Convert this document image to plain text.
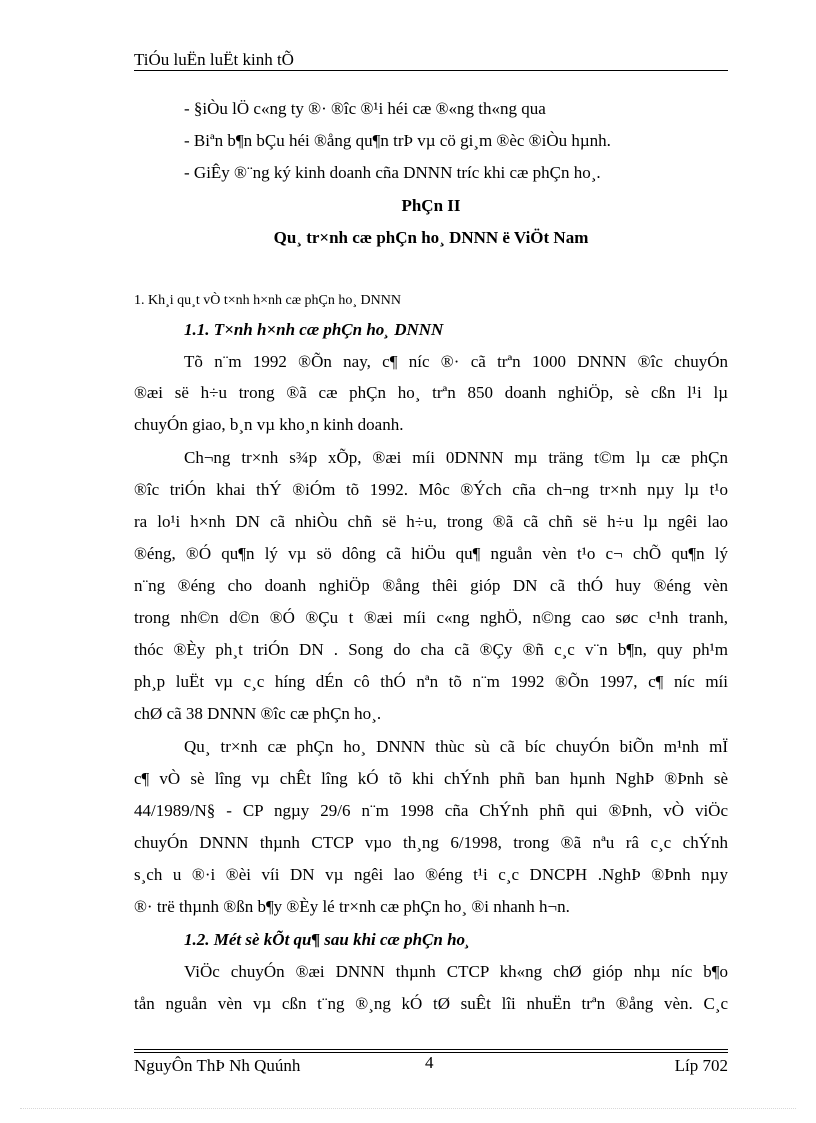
TiÓu luËn luËt kinh tÕ
- §iÒu lÖ c«ng ty ®· ®îc ®¹i héi cæ ®«ng th«ng qua
- Biªn b¶n bÇu héi ®ång qu¶n trÞ vµ cö gi¸m ®èc ®iÒu hµnh.
- GiÊy ®¨ng ký kinh doanh cña DNNN tríc khi cæ phÇn ho¸.
PhÇn II
Qu¸ tr×nh cæ phÇn ho¸ DNNN ë ViÖt Nam
1. Kh¸i qu¸t vÒ t×nh h×nh cæ phÇn ho¸ DNNN
1.1. T×nh h×nh cæ phÇn ho¸ DNNN
Tõ n¨m 1992 ®Õn nay, c¶ níc ®· cã trªn 1000 DNNN ®îc chuyÓn
®æi së h÷u trong ®ã cæ phÇn ho¸ trªn 850 doanh nghiÖp, sè cßn l¹i lµ
chuyÓn giao, b¸n vµ kho¸n kinh doanh.
Ch¬ng tr×nh s¾p xÕp, ®æi míi 0DNNN mµ träng t©m lµ cæ phÇn
®îc triÓn khai thÝ ®iÓm tõ 1992. Môc ®Ých cña ch¬ng tr×nh nµy lµ t¹o
ra lo¹i h×nh DN cã nhiÒu chñ së h÷u, trong ®ã cã chñ së h÷u lµ ngêi lao
®éng, ®Ó qu¶n lý vµ sö dông cã hiÖu qu¶ nguån vèn t¹o c¬ chÕ qu¶n lý
n¨ng ®éng cho doanh nghiÖp ®ång thêi gióp DN cã thÓ huy ®éng vèn
trong nh©n d©n ®Ó ®Çu t ®æi míi c«ng nghÖ, n©ng cao søc c¹nh tranh,
thóc ®Èy ph¸t triÓn DN . Song do cha cã ®Çy ®ñ c¸c v¨n b¶n, quy ph¹m
ph¸p luËt vµ c¸c híng dÉn cô thÓ nªn tõ n¨m 1992 ®Õn 1997, c¶ níc míi
chØ cã 38 DNNN ®îc cæ phÇn ho¸.
Qu¸ tr×nh cæ phÇn ho¸ DNNN thùc sù cã bíc chuyÓn biÕn m¹nh mÏ
c¶ vÒ sè lîng vµ chÊt lîng kÓ tõ khi chÝnh phñ ban hµnh NghÞ ®Þnh sè
44/1989/N§ - CP ngµy 29/6 n¨m 1998 cña ChÝnh phñ qui ®Þnh, vÒ viÖc
chuyÓn DNNN thµnh CTCP vµo th¸ng 6/1998, trong ®ã nªu râ c¸c chÝnh
s¸ch u ®·i ®èi víi DN vµ ngêi lao ®éng t¹i c¸c DNCPH .NghÞ ®Þnh nµy
®· trë thµnh ®ßn b¶y ®Èy lé tr×nh cæ phÇn ho¸ ®i nhanh h¬n.
1.2. Mét sè kÕt qu¶ sau khi cæ phÇn ho¸
ViÖc chuyÓn ®æi DNNN thµnh CTCP kh«ng chØ gióp nhµ níc b¶o
tån nguån vèn vµ cßn t¨ng ®¸ng kÓ tØ suÊt lîi nhuËn trªn ®ång vèn. C¸c
NguyÔn ThÞ Nh Quúnh	4	Líp 702
